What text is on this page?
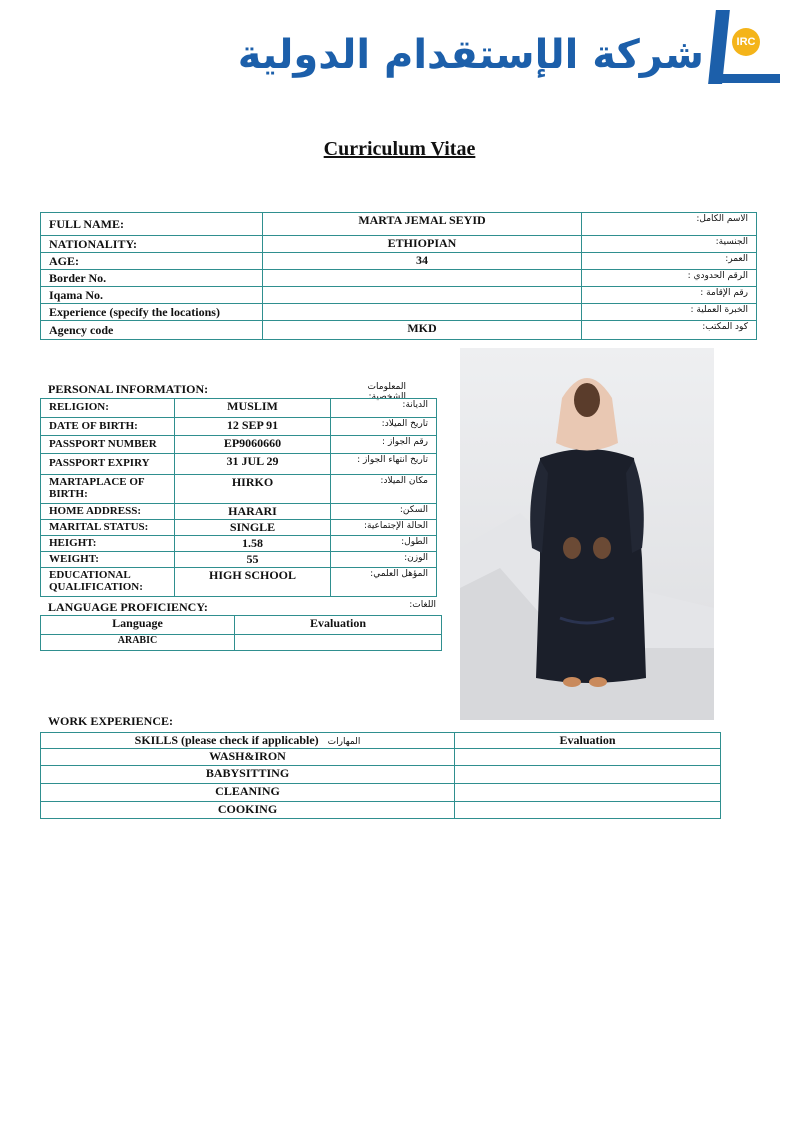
شركة الإستقدام الدولية	IRC
Curriculum Vitae
FULL NAME:	MARTA JEMAL SEYID	الاسم الكامل:
NATIONALITY:	ETHIOPIAN	الجنسية:
AGE:	34	العمر:
Border No.		الرقم الحدودي :
Iqama No.		رقم الإقامة :
Experience (specify the locations)		الخبرة العملية :
Agency code	MKD	كود المكتب:
PERSONAL INFORMATION:	المعلومات الشخصية:
RELIGION:	MUSLIM	الديانة:
DATE OF BIRTH:	12 SEP 91	تاريخ الميلاد:
PASSPORT NUMBER	EP9060660	رقم الجواز :
PASSPORT EXPIRY	31 JUL 29	تاريخ انتهاء الجواز :
MARTAPLACE OF BIRTH:	HIRKO	مكان الميلاد:
HOME ADDRESS:	HARARI	السكن:
MARITAL STATUS:	SINGLE	الحالة الإجتماعية:
HEIGHT:	1.58	الطول:
WEIGHT:	55	الوزن:
EDUCATIONAL QUALIFICATION:	HIGH SCHOOL	المؤهل العلمي:
LANGUAGE PROFICIENCY:	اللغات:
Language	Evaluation
ARABIC	
WORK EXPERIENCE:
SKILLS (please check if applicable) المهارات	Evaluation
WASH&IRON	
BABYSITTING	
CLEANING	
COOKING	
